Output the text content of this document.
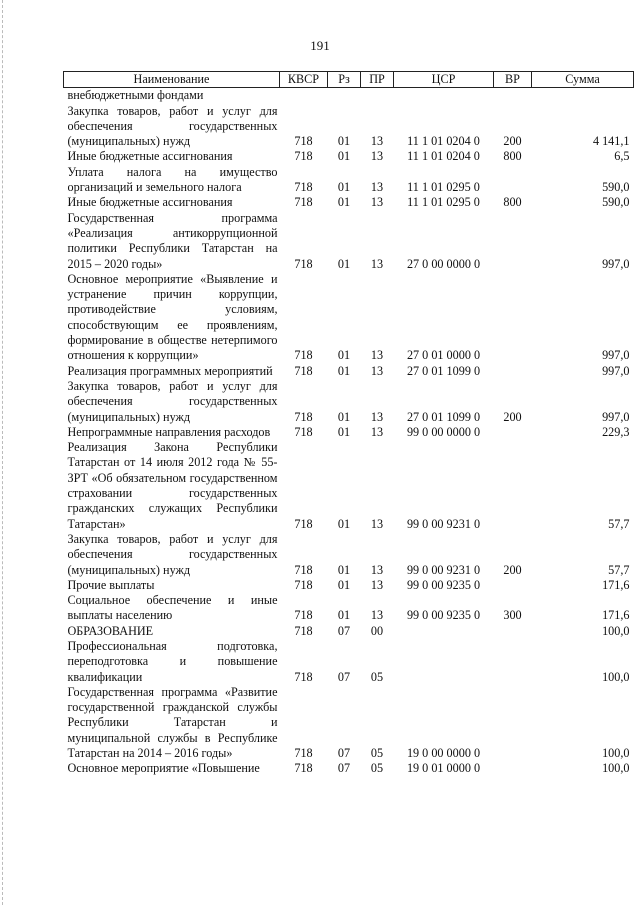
191
Наименование	КВСР	Рз	ПР	ЦСР	ВР	Сумма
внебюджетными фондами						
Закупка товаров, работ и услуг для обеспечения государственных (муниципальных) нужд	718	01	13	11 1 01 0204 0	200	4 141,1
Иные бюджетные ассигнования	718	01	13	11 1 01 0204 0	800	6,5
Уплата налога на имущество организаций и земельного налога	718	01	13	11 1 01 0295 0		590,0
Иные бюджетные ассигнования	718	01	13	11 1 01 0295 0	800	590,0
Государственная программа «Реализация антикоррупционной политики Республики Татарстан на 2015 – 2020 годы»	718	01	13	27 0 00 0000 0		997,0
Основное мероприятие «Выявление и устранение причин коррупции, противодействие условиям, способствующим ее проявлениям, формирование в обществе нетерпимого отношения к коррупции»	718	01	13	27 0 01 0000 0		997,0
Реализация программных мероприятий	718	01	13	27 0 01 1099 0		997,0
Закупка товаров, работ и услуг для обеспечения государственных (муниципальных) нужд	718	01	13	27 0 01 1099 0	200	997,0
Непрограммные направления расходов	718	01	13	99 0 00 0000 0		229,3
Реализация Закона Республики Татарстан от 14 июля 2012 года № 55-ЗРТ «Об обязательном государственном страховании государственных гражданских служащих Республики Татарстан»	718	01	13	99 0 00 9231 0		57,7
Закупка товаров, работ и услуг для обеспечения государственных (муниципальных) нужд	718	01	13	99 0 00 9231 0	200	57,7
Прочие выплаты	718	01	13	99 0 00 9235 0		171,6
Социальное обеспечение и иные выплаты населению	718	01	13	99 0 00 9235 0	300	171,6
ОБРАЗОВАНИЕ	718	07	00			100,0
Профессиональная подготовка, переподготовка и повышение квалификации	718	07	05			100,0
Государственная программа «Развитие государственной гражданской службы Республики Татарстан и муниципальной службы в Республике Татарстан на 2014 – 2016 годы»	718	07	05	19 0 00 0000 0		100,0
Основное мероприятие «Повышение	718	07	05	19 0 01 0000 0		100,0
